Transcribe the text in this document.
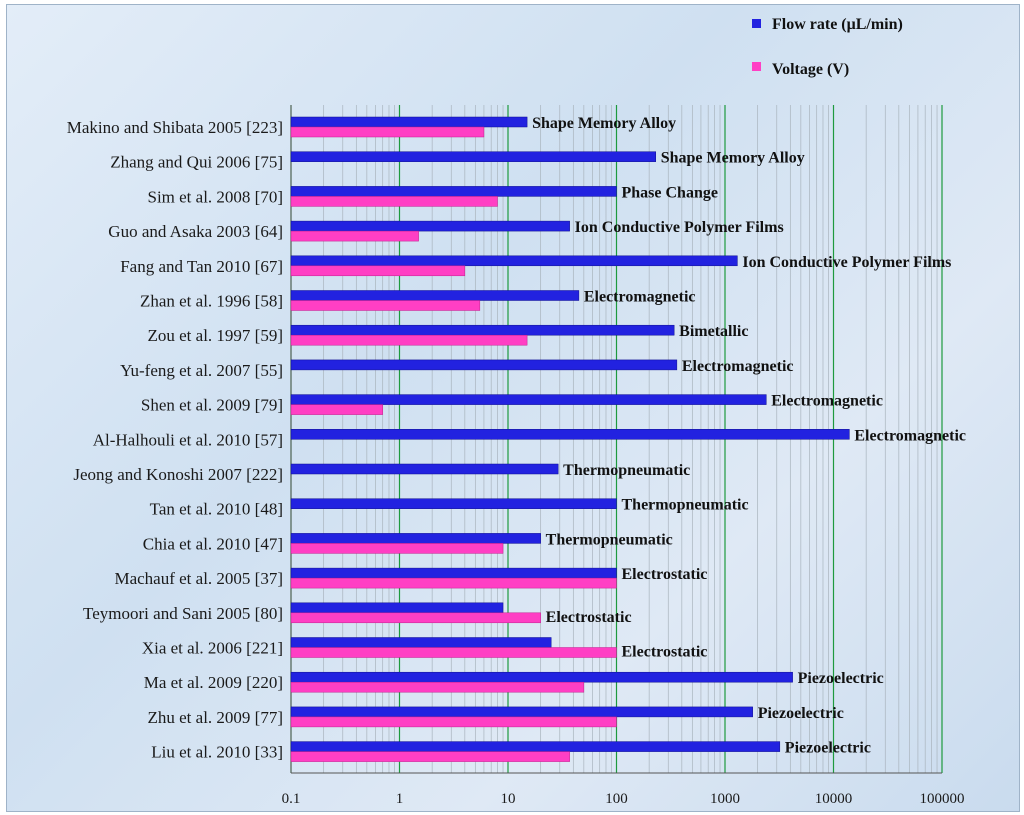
Flow rate (μL/min)
Voltage (V)
0.1	1	10	100	1000	10000	100000
Makino and Shibata 2005 [223]
Zhang and Qui 2006 [75]
Sim et al. 2008 [70]
Guo and Asaka 2003 [64]
Fang and Tan 2010 [67]
Zhan et al. 1996 [58]
Zou et al. 1997 [59]
Yu-feng et al. 2007 [55]
Shen et al. 2009 [79]
Al-Halhouli et al. 2010 [57]
Jeong and Konoshi 2007 [222]
Tan et al. 2010 [48]
Chia et al. 2010 [47]
Machauf et al. 2005 [37]
Teymoori and Sani 2005 [80]
Xia et al. 2006 [221]
Ma et al. 2009 [220]
Zhu et al. 2009 [77]
Liu et al. 2010 [33]
Shape Memory Alloy
Shape Memory Alloy
Phase Change
Ion Conductive Polymer Films
Ion Conductive Polymer Films
Electromagnetic
Bimetallic
Electromagnetic
Electromagnetic
Electromagnetic
Thermopneumatic
Thermopneumatic
Thermopneumatic
Electrostatic
Electrostatic
Electrostatic
Piezoelectric
Piezoelectric
Piezoelectric
